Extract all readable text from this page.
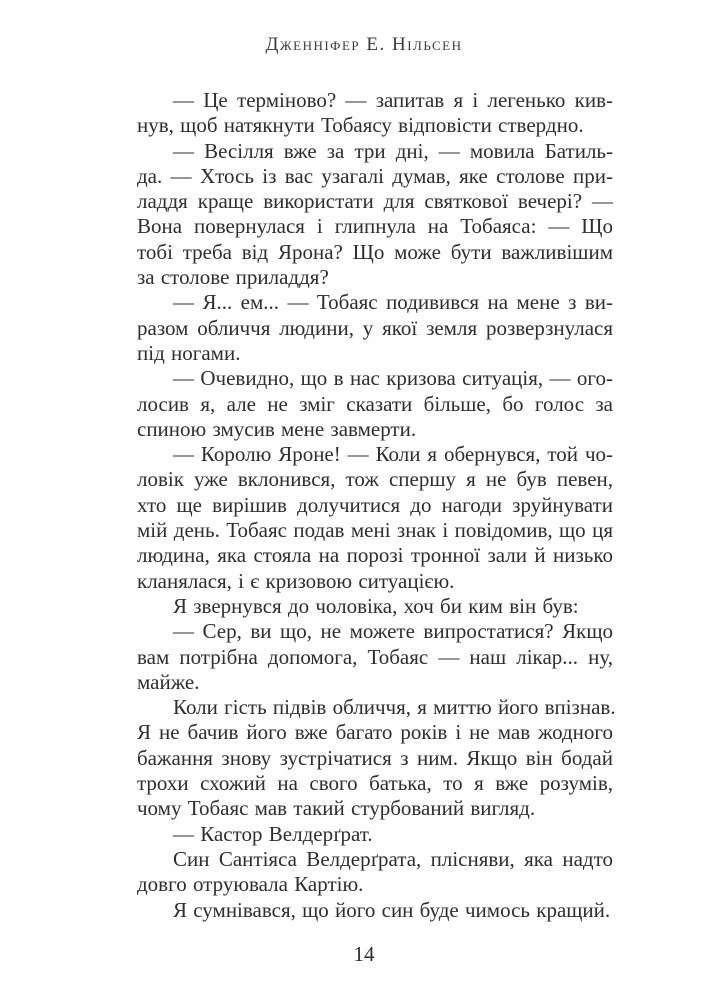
Дженніфер Е. Нільсен
— Це терміново? — запитав я і легенько кив-
нув, щоб натякнути Тобаясу відповісти ствердно.
— Весілля вже за три дні, — мовила Батиль-
да. — Хтось із вас узагалі думав, яке столове при-
ладдя краще використати для святкової вечері? —
Вона повернулася і глипнула на Тобаяса: — Що
тобі треба від Ярона? Що може бути важливішим
за столове приладдя?
— Я... ем... — Тобаяс подивився на мене з ви-
разом обличчя людини, у якої земля розверзнулася
під ногами.
— Очевидно, що в нас кризова ситуація, — ого-
лосив я, але не зміг сказати більше, бо голос за
спиною змусив мене завмерти.
— Королю Яроне! — Коли я обернувся, той чо-
ловік уже вклонився, тож спершу я не був певен,
хто ще вирішив долучитися до нагоди зруйнувати
мій день. Тобаяс подав мені знак і повідомив, що ця
людина, яка стояла на порозі тронної зали й низько
кланялася, і є кризовою ситуацією.
Я звернувся до чоловіка, хоч би ким він був:
— Сер, ви що, не можете випростатися? Якщо
вам потрібна допомога, Тобаяс — наш лікар... ну,
майже.
Коли гість підвів обличчя, я миттю його впізнав.
Я не бачив його вже багато років і не мав жодного
бажання знову зустрічатися з ним. Якщо він бодай
трохи схожий на свого батька, то я вже розумів,
чому Тобаяс мав такий стурбований вигляд.
— Кастор Велдерґрат.
Син Сантіяса Велдерґрата, плісняви, яка надто
довго отруювала Картію.
Я сумнівався, що його син буде чимось кращий.
14
